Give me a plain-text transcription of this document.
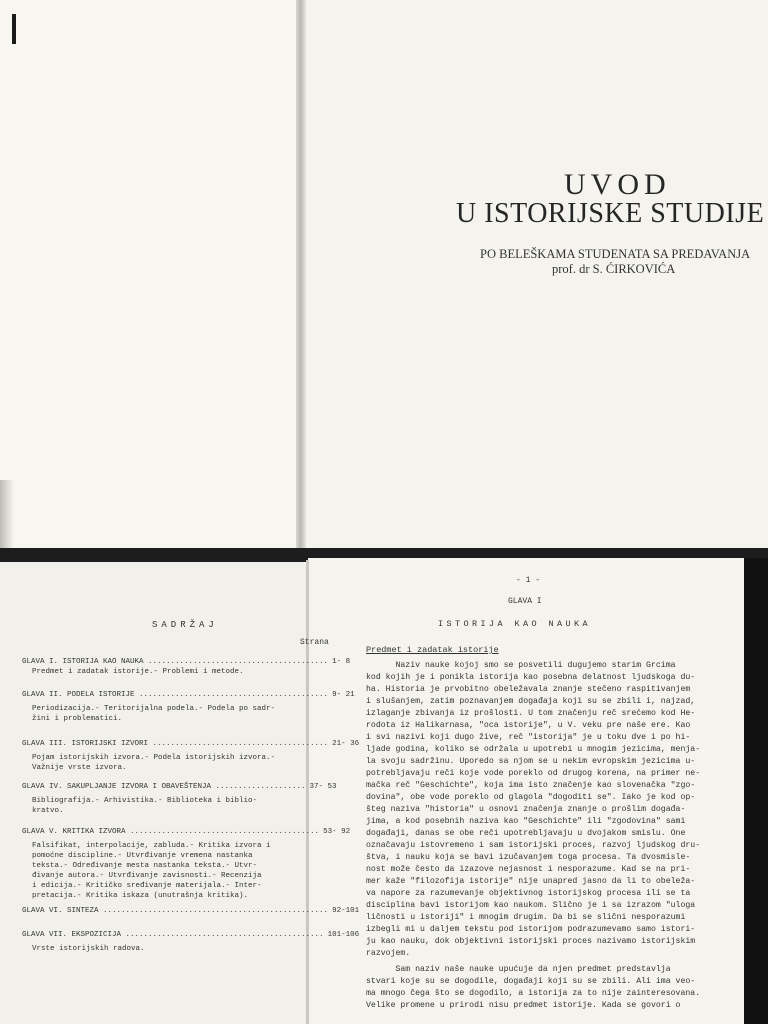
UVOD
U ISTORIJSKE STUDIJE
PO BELEŠKAMA STUDENATA SA PREDAVANJA
prof. dr S. ĆIRKOVIĆA
SADRŽAJ
Strana
GLAVA I. ISTORIJA KAO NAUKA ........................................ 1- 8
Predmet i zadatak istorije.- Problemi i metode.
GLAVA II. PODELA ISTORIJE .......................................... 9- 21
Periodizacija.- Teritorijalna podela.- Podela po sadr-
žini i problematici.
GLAVA III. ISTORIJSKI IZVORI ....................................... 21- 36
Pojam istorijskih izvora.- Podela istorijskih izvora.-
Važnije vrste izvora.
GLAVA IV. SAKUPLJANJE IZVORA I OBAVEŠTENJA .................... 37- 53
Bibliografija.- Arhivistika.- Biblioteka i biblio-
kratvo.
GLAVA V. KRITIKA IZVORA .......................................... 53- 92
Falsifikat, interpolacije, zabluda.- Kritika izvora i
pomoćne discipline.- Utvrđivanje vremena nastanka
teksta.- Određivanje mesta nastanka teksta.- Utvr-
đivanje autora.- Utvrđivanje zavisnosti.- Recenzija
i edicija.- Kritičko sređivanje materijala.- Inter-
pretacija.- Kritika iskaza (unutrašnja kritika).
GLAVA VI. SINTEZA .................................................. 92-101
GLAVA VII. EKSPOZICIJA ............................................ 101-106
Vrste istorijskih radova.
- 1 -
GLAVA I
ISTORIJA KAO NAUKA
Predmet i zadatak istorije
Naziv nauke kojoj smo se posvetili dugujemo starim Grcima
kod kojih je i ponikla istorija kao posebna delatnost ljudskoga du-
ha. Historia je prvobitno obeležavala znanje stečeno raspitivanjem
i slušanjem, zatim poznavanjem događaja koji su se zbili i, najzad,
izlaganje zbivanja iz prošlosti. U tom značenju reč srećemo kod He-
rodota iz Halikarnasa, "oca istorije", u V. veku pre naše ere. Kao
i svi nazivi koji dugo žive, reč "istorija" je u toku dve i po hi-
ljade godina, koliko se održala u upotrebi u mnogim jezicima, menja-
la svoju sadržinu. Uporedo sa njom se u nekim evropskim jezicima u-
potrebljavaju reči koje vode poreklo od drugog korena, na primer ne-
mačka reč "Geschichte", koja ima isto značenje kao slovenačka "zgo-
dovina", obe vode poreklo od glagola "dogoditi se". Iako je kod op-
šteg naziva "historia" u osnovi značenja znanje o prošlim događa-
jima, a kod posebnih naziva kao "Geschichte" ili "zgodovina" sami
događaji, danas se obe reči upotrebljavaju u dvojakom smislu. One
označavaju istovremeno i sam istorijski proces, razvoj ljudskog dru-
štva, i nauku koja se bavi izučavanjem toga procesa. Ta dvosmisle-
nost može često da izazove nejasnost i nesporazume. Kad se na pri-
mer kaže "filozofija istorije" nije unapred jasno da li to obeleža-
va napore za razumevanje objektivnog istorijskog procesa ili se ta
disciplina bavi istorijom kao naukom. Slično je i sa izrazom "uloga
ličnosti u istoriji" i mnogim drugim. Da bi se slični nesporazumi
izbegli mi u daljem tekstu pod istorijom podrazumevamo samo istori-
ju kao nauku, dok objektivni istorijski proces nazivamo istorijskim
razvojem.
Sam naziv naše nauke upućuje da njen predmet predstavlja
stvari koje su se dogodile, događaji koji su se zbili. Ali ima veo-
ma mnogo čega što se dogodilo, a istorija za to nije zainteresovana.
Velike promene u prirodi nisu predmet istorije. Kada se govori o
